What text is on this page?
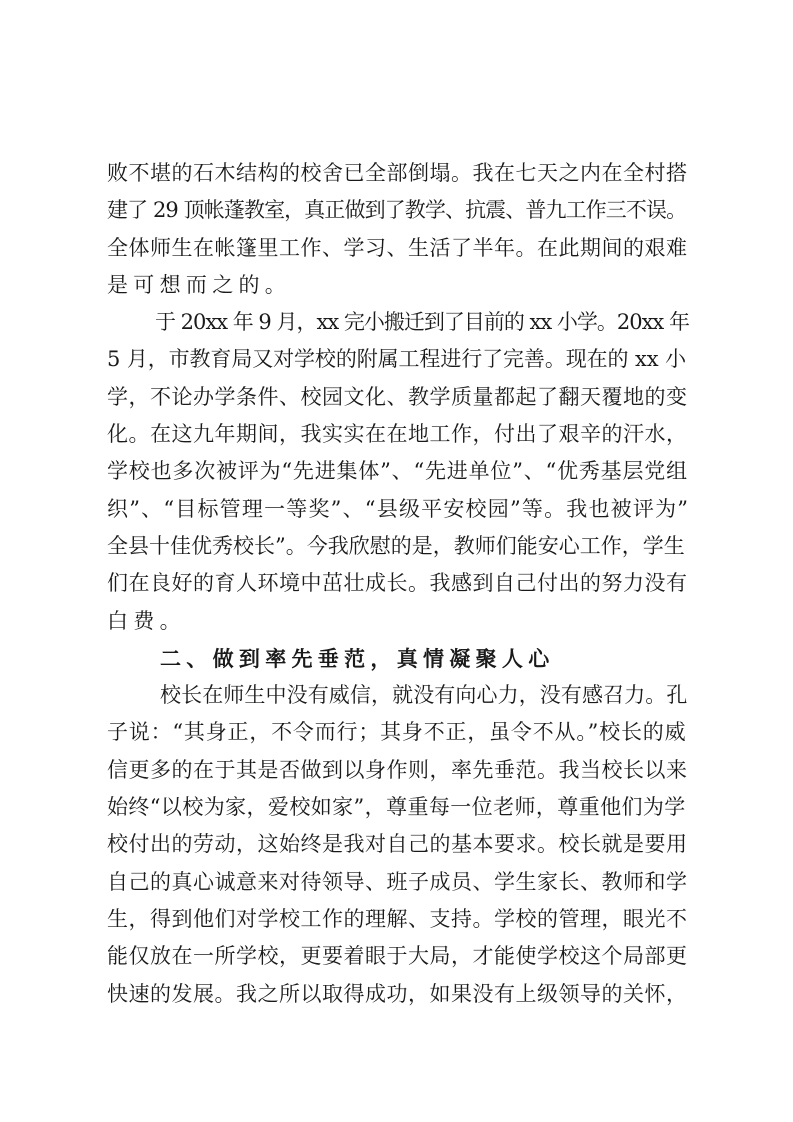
败不堪的石木结构的校舍已全部倒塌。我在七天之内在全村搭
建了 29 顶帐蓬教室，真正做到了教学、抗震、普九工作三不误。
全体师生在帐篷里工作、学习、生活了半年。在此期间的艰难
是可想而之的。
于 20xx 年 9 月，xx 完小搬迁到了目前的 xx 小学。20xx 年
5 月，市教育局又对学校的附属工程进行了完善。现在的 xx 小
学，不论办学条件、校园文化、教学质量都起了翻天覆地的变
化。在这九年期间，我实实在在地工作，付出了艰辛的汗水，
学校也多次被评为“先进集体”、“先进单位”、“优秀基层党组
织”、“目标管理一等奖”、“县级平安校园”等。我也被评为”
全县十佳优秀校长”。今我欣慰的是，教师们能安心工作，学生
们在良好的育人环境中茁壮成长。我感到自己付出的努力没有
白费。
二、做到率先垂范，真情凝聚人心
校长在师生中没有威信，就没有向心力，没有感召力。孔
子说：“其身正，不令而行；其身不正，虽令不从。”校长的威
信更多的在于其是否做到以身作则，率先垂范。我当校长以来
始终“以校为家，爱校如家”，尊重每一位老师，尊重他们为学
校付出的劳动，这始终是我对自己的基本要求。校长就是要用
自己的真心诚意来对待领导、班子成员、学生家长、教师和学
生，得到他们对学校工作的理解、支持。学校的管理，眼光不
能仅放在一所学校，更要着眼于大局，才能使学校这个局部更
快速的发展。我之所以取得成功，如果没有上级领导的关怀，
